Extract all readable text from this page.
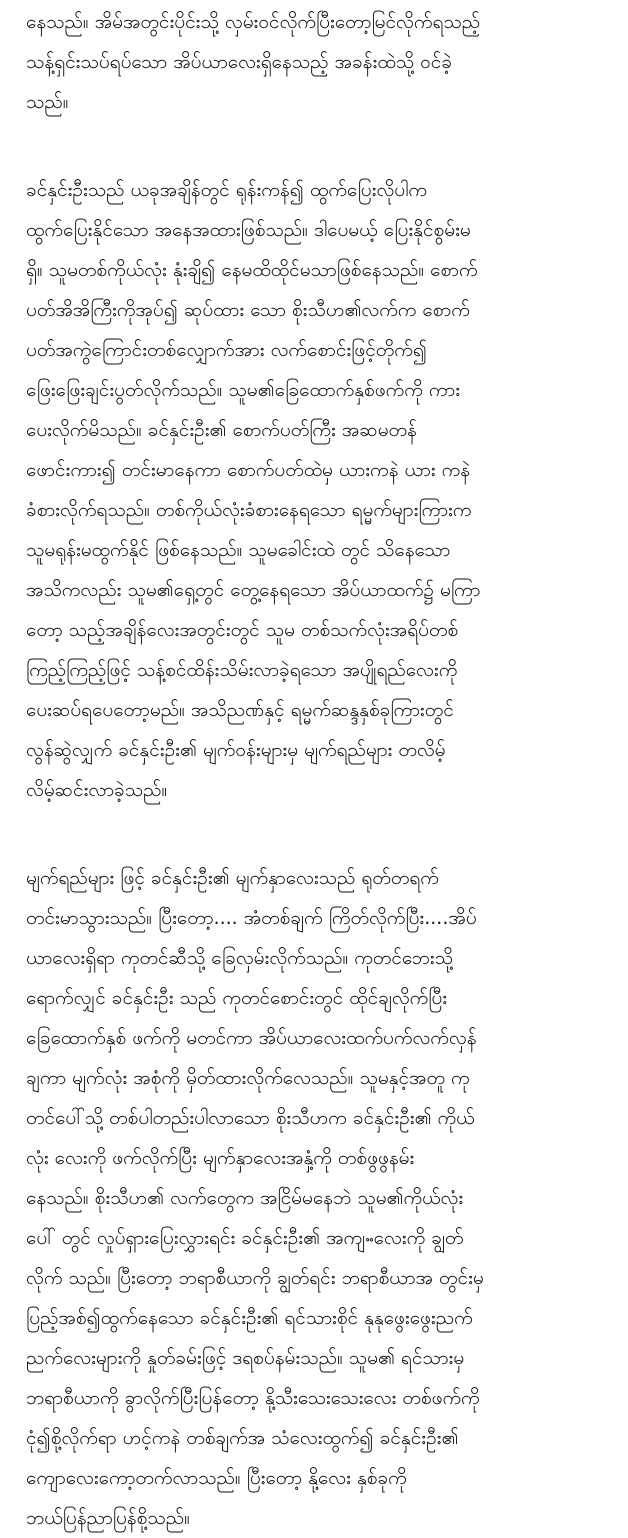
နေသည်။ အိမ်အတွင်းပိုင်းသို့ လှမ်းဝင်လိုက်ပြီးတော့မြင်လိုက်ရသည့်
သန့်ရှင်းသပ်ရပ်သော အိပ်ယာလေးရှိနေသည့် အခန်းထဲသို့ ဝင်ခဲ့
သည်။
ခင်နှင်းဦးသည် ယခုအချိန်တွင် ရုန်းကန်၍ ထွက်ပြေးလိုပါက
ထွက်ပြေးနိုင်သော အနေအထားဖြစ်သည်။ ဒါပေမယ့် ပြေးနိုင်စွမ်းမ
ရှိ။ သူမတစ်ကိုယ်လုံး နုံးချိ၍ နေမထိထိုင်မသာဖြစ်နေသည်။ စောက်
ပတ်အိအိကြီးကိုအုပ်၍ ဆုပ်ထား သော စိုးသီဟ၏လက်က စောက်
ပတ်အကွဲကြောင်းတစ်လျှောက်အား လက်စောင်းဖြင့်တိုက်၍
ဖြေးဖြေးချင်းပွတ်လိုက်သည်။ သူမ၏ခြေထောက်နှစ်ဖက်ကို ကား
ပေးလိုက်မိသည်။ ခင်နှင်းဦး၏ စောက်ပတ်ကြီး အဆမတန်
ဖောင်းကား၍ တင်းမာနေကာ စောက်ပတ်ထဲမှ ယားကနဲ ယား ကနဲ
ခံစားလိုက်ရသည်။ တစ်ကိုယ်လုံးခံစားနေရသော ရမ္မက်များကြားက
သူမရုန်းမထွက်နိုင် ဖြစ်နေသည်။ သူမခေါင်းထဲ တွင် သိနေသော
အသိကလည်း သူမ၏ရှေ့တွင် တွေ့နေရသော အိပ်ယာထက်၌ မကြာ
တော့ သည့်အချိန်လေးအတွင်းတွင် သူမ တစ်သက်လုံးအရိပ်တစ်
ကြည့်ကြည့်ဖြင့် သန့်စင်ထိန်းသိမ်းလာခဲ့ရသော အပျိုရည်လေးကို
ပေးဆပ်ရပေတော့မည်။ အသိညဏ်နှင့် ရမ္မက်ဆန္ဒနှစ်ခုကြားတွင်
လွန်ဆွဲလျှက် ခင်နှင်းဦး၏ မျက်ဝန်းများမှ မျက်ရည်များ တလိမ့်
လိမ့်ဆင်းလာခဲ့သည်။
မျက်ရည်များ ဖြင့် ခင်နှင်းဦး၏ မျက်နှာလေးသည် ရုတ်တရက်
တင်းမာသွားသည်။ ပြီးတော့.... အံတစ်ချက် ကြိတ်လိုက်ပြီး....အိပ်
ယာလေးရှိရာ ကုတင်ဆီသို့ ခြေလှမ်းလိုက်သည်။ ကုတင်ဘေးသို့
ရောက်လျှင် ခင်နှင်းဦး သည် ကုတင်စောင်းတွင် ထိုင်ချလိုက်ပြီး
ခြေထောက်နှစ် ဖက်ကို မတင်ကာ အိပ်ယာလေးထက်ပက်လက်လှန်
ချကာ မျက်လုံး အစုံကို မှိတ်ထားလိုက်လေသည်။ သူမနှင့်အတူ ကု
တင်ပေါ်သို့ တစ်ပါတည်းပါလာသော စိုးသီဟက ခင်နှင်းဦး၏ ကိုယ်
လုံး လေးကို ဖက်လိုက်ပြီး မျက်နှာလေးအနှံ့ကို တစ်ဖွဖွနမ်း
နေသည်။ စိုးသီဟ၏ လက်တွေက အငြိမ်မနေဘဲ သူမ၏ကိုယ်လုံး
ပေါ် တွင် လှုပ်ရှားပြေးလွှားရင်း ခင်နှင်းဦး၏ အကျႌလေးကို ချွတ်
လိုက် သည်။ ပြီးတော့ ဘရာစီယာကို ချွတ်ရင်း ဘရာစီယာအ တွင်းမှ
ပြည့်အစ်၍ထွက်နေသော ခင်နှင်းဦး၏ ရင်သားစိုင် နုနုဖွေးဖွေးညက်
ညက်လေးများကို နှုတ်ခမ်းဖြင့် ဒရစပ်နမ်းသည်။ သူမ၏ ရင်သားမှ
ဘရာစီယာကို ခွာလိုက်ပြီးပြန်တော့ နို့သီးသေးသေးလေး တစ်ဖက်ကို
ငုံ၍စို့လိုက်ရာ ဟင့်ကနဲ တစ်ချက်အ သံလေးထွက်၍ ခင်နှင်းဦး၏
ကျောလေးကော့တက်လာသည်။ ပြီးတော့ နို့လေး နှစ်ခုကို
ဘယ်ပြန်ညာပြန်စို့သည်။
